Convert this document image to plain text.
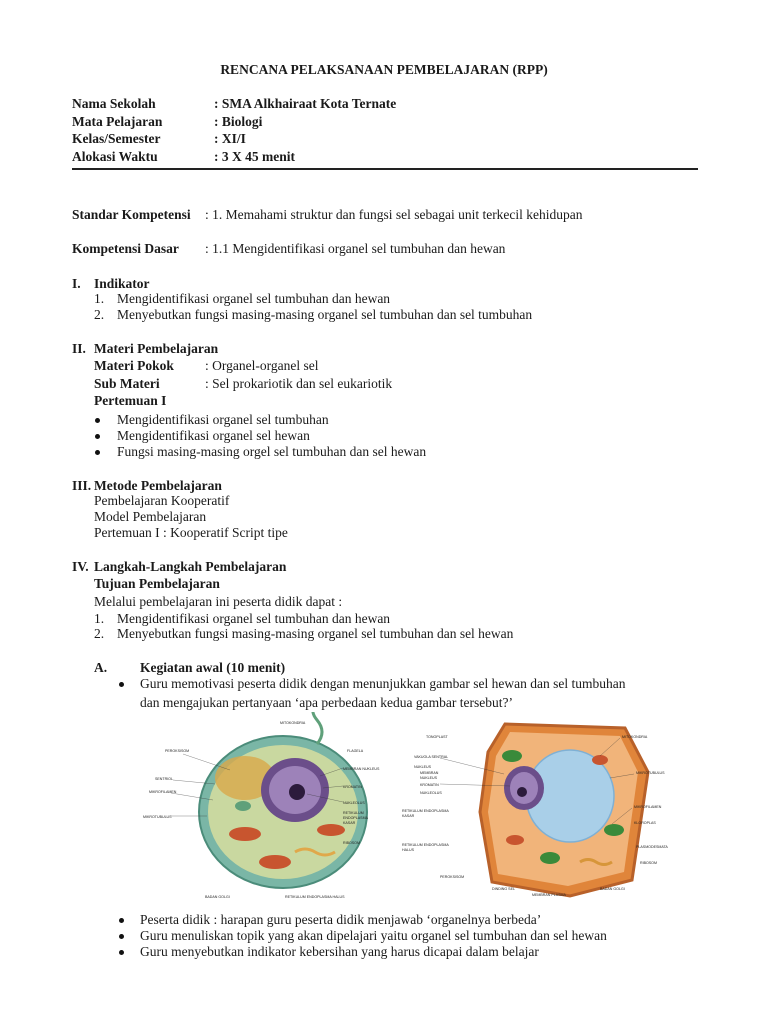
RENCANA PELAKSANAAN PEMBELAJARAN (RPP)
Nama Sekolah	: SMA Alkhairaat Kota Ternate
Mata Pelajaran	: Biologi
Kelas/Semester	: XI/I
Alokasi Waktu	: 3 X 45 menit
Standar Kompetensi : 1. Memahami struktur dan fungsi sel sebagai unit terkecil kehidupan
Kompetensi Dasar : 1.1 Mengidentifikasi organel sel tumbuhan dan hewan
I. Indikator
1. Mengidentifikasi organel sel tumbuhan dan hewan
2. Menyebutkan fungsi masing-masing organel sel tumbuhan dan sel tumbuhan
II. Materi Pembelajaran
Materi Pokok : Organel-organel sel
Sub Materi	: Sel prokariotik dan sel eukariotik
Pertemuan I
Mengidentifikasi organel sel tumbuhan
Mengidentifikasi organel sel hewan
Fungsi masing-masing orgel sel tumbuhan dan sel hewan
III. Metode Pembelajaran
Pembelajaran Kooperatif
Model Pembelajaran
Pertemuan I : Kooperatif Script tipe
IV. Langkah-Langkah Pembelajaran
Tujuan Pembelajaran
Melalui pembelajaran ini peserta didik dapat :
1. Mengidentifikasi organel sel tumbuhan dan hewan
2. Menyebutkan fungsi masing-masing organel sel tumbuhan dan sel hewan
A. Kegiatan awal (10 menit)
Guru memotivasi peserta didik dengan menunjukkan gambar sel hewan dan sel tumbuhan
dan mengajukan pertanyaan ‘apa perbedaan kedua gambar tersebut?’
MITOKONDRIA
PEROKSISOM	FLAGELA
SENTRIOL
MEMBRAN NUKLEUS
KROMATIN
MIKROFILAMEN
NUKLEOLUS
MIKROTUBULUS
RETIKULUM
ENDOPLASMA
KASAR
RIBOSOM
BADAN GOLGI	RETIKULUM ENDOPLASMA HALUS
TONOPLAST	MITOKONDRIA
VAKUOLA SENTRAL
NUKLEUS
MEMBRAN
NUKLEUS
MIKROTUBULUS
KROMATIN
NUKLEOLUS
MIKROFILAMEN
KLOROPLAS
RETIKULUM ENDOPLASMA
KASAR
RETIKULUM ENDOPLASMA
HALUS
PLASMODESMATA
RIBOSOM
PEROKSISOM
DINDING SEL
MEMBRAN PLASMA
BADAN GOLGI
Peserta didik : harapan guru peserta didik menjawab ‘organelnya berbeda’
Guru menuliskan topik yang akan dipelajari yaitu organel sel tumbuhan dan sel hewan
Guru menyebutkan indikator kebersihan yang harus dicapai dalam belajar
